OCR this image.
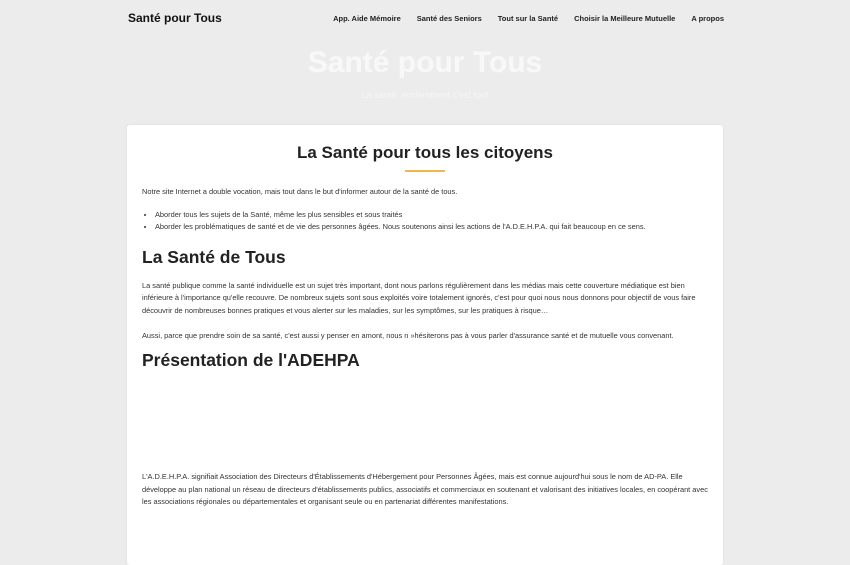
Santé pour Tous	App. Aide Mémoire Santé des Seniors Tout sur la Santé Choisir la Meilleure Mutuelle A propos
Santé pour Tous
La santé, évidemment c'est tout
La Santé pour tous les citoyens

Notre site Internet a double vocation, mais tout dans le but d'informer autour de la santé de tous.

• Aborder tous les sujets de la Santé, même les plus sensibles et sous traités
• Aborder les problématiques de santé et de vie des personnes âgées. Nous soutenons ainsi les actions de l'A.D.E.H.P.A. qui fait beaucoup en ce sens.
La Santé de Tous

La santé publique comme la santé individuelle est un sujet très important, dont nous parlons régulièrement dans les médias mais cette couverture médiatique est bien inférieure à l'importance qu'elle recouvre. De nombreux sujets sont sous exploités voire totalement ignorés, c'est pour quoi nous nous donnons pour objectif de vous faire découvrir de nombreuses bonnes pratiques et vous alerter sur les maladies, sur les symptômes, sur les pratiques à risque…

Aussi, parce que prendre soin de sa santé, c'est aussi y penser en amont, nous n »hésiterons pas à vous parler d'assurance santé et de mutuelle vous convenant.

Présentation de l'ADEHPA

L'A.D.E.H.P.A. signifiait Association des Directeurs d'Établissements d'Hébergement pour Personnes Âgées, mais est connue aujourd'hui sous le nom de AD-PA. Elle développe au plan national un réseau de directeurs d'établissements publics, associatifs et commerciaux en soutenant et valorisant des initiatives locales, en coopérant avec les associations régionales ou départementales et organisant seule ou en partenariat différentes manifestations.
